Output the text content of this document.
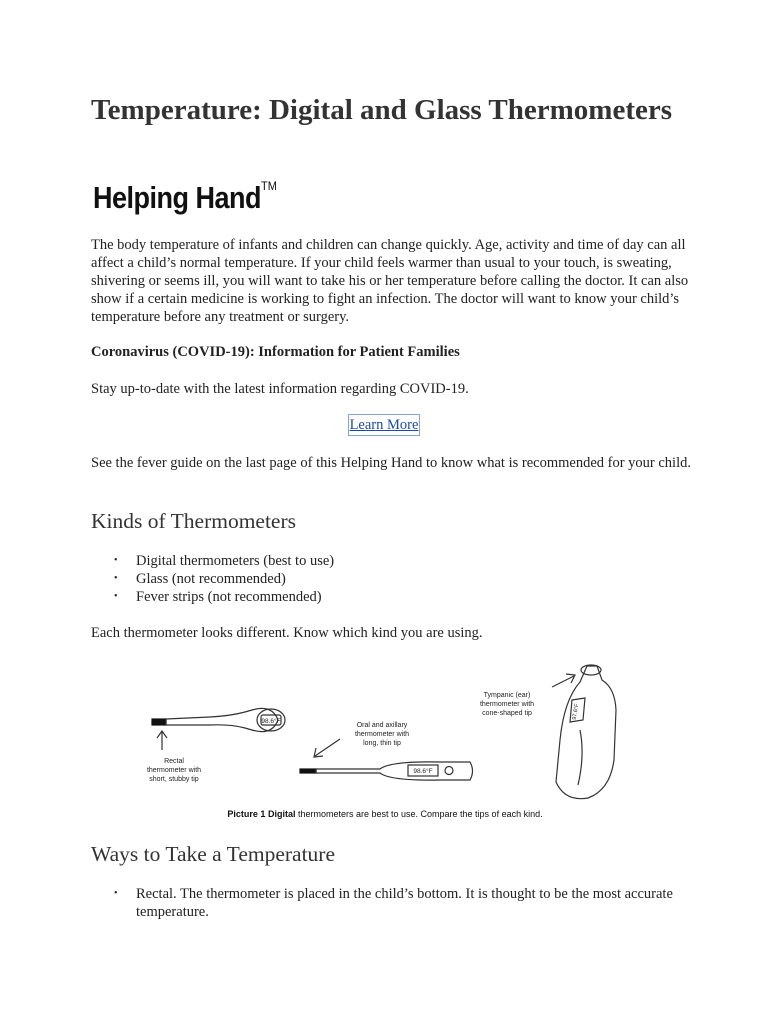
Temperature: Digital and Glass Thermometers
Helping Hand™

The body temperature of infants and children can change quickly. Age, activity and time of day can all affect a child’s normal temperature. If your child feels warmer than usual to your touch, is sweating, shivering or seems ill, you will want to take his or her temperature before calling the doctor. It can also show if a certain medicine is working to fight an infection. The doctor will want to know your child’s temperature before any treatment or surgery.

Coronavirus (COVID-19): Information for Patient Families

Stay up-to-date with the latest information regarding COVID-19.

Learn More

See the fever guide on the last page of this Helping Hand to know what is recommended for your child.

Kinds of Thermometers
• Digital thermometers (best to use)
• Glass (not recommended)
• Fever strips (not recommended)

Each thermometer looks different. Know which kind you are using.

98.6°F
Rectal
thermometer with
short, stubby tip
Oral and axillary
thermometer with
long, thin tip
98.6°F
Tympanic (ear)
thermometer with
cone-shaped tip	97.6°F
Picture 1 Digital thermometers are best to use. Compare the tips of each kind.
Ways to Take a Temperature
• Rectal. The thermometer is placed in the child’s bottom. It is thought to be the most accurate temperature.
